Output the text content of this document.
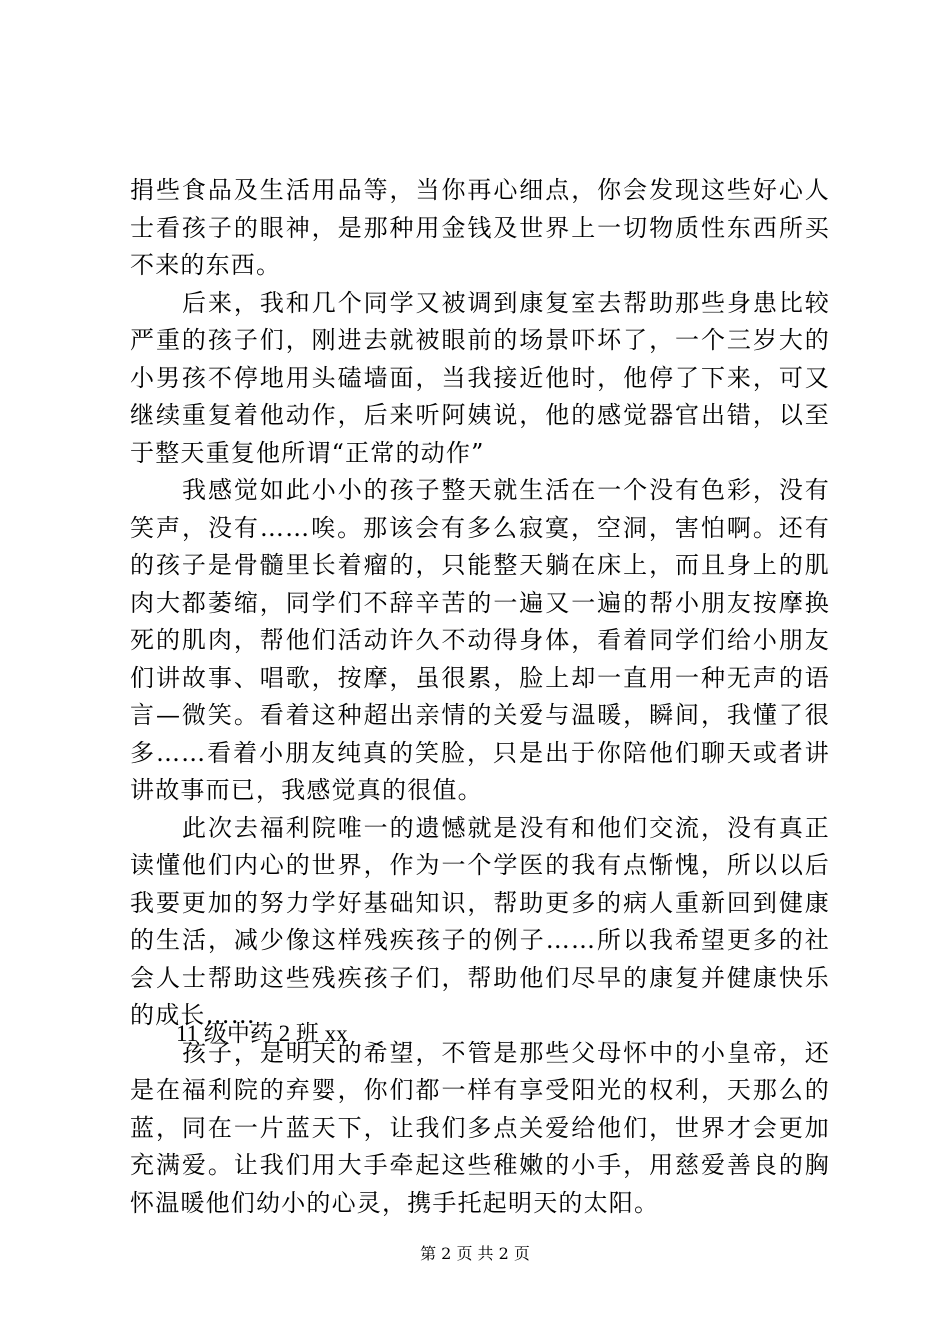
捐些食品及生活用品等，当你再心细点，你会发现这些好心人士看孩子的眼神，是那种用金钱及世界上一切物质性东西所买不来的东西。

后来，我和几个同学又被调到康复室去帮助那些身患比较严重的孩子们，刚进去就被眼前的场景吓坏了，一个三岁大的小男孩不停地用头磕墙面，当我接近他时，他停了下来，可又继续重复着他动作，后来听阿姨说，他的感觉器官出错，以至于整天重复他所谓“正常的动作”

我感觉如此小小的孩子整天就生活在一个没有色彩，没有笑声，没有……唉。那该会有多么寂寞，空洞，害怕啊。还有的孩子是骨髓里长着瘤的，只能整天躺在床上，而且身上的肌肉大都萎缩，同学们不辞辛苦的一遍又一遍的帮小朋友按摩换死的肌肉，帮他们活动许久不动得身体，看着同学们给小朋友们讲故事、唱歌，按摩，虽很累，脸上却一直用一种无声的语言—微笑。看着这种超出亲情的关爱与温暖，瞬间，我懂了很多……看着小朋友纯真的笑脸，只是出于你陪他们聊天或者讲讲故事而已，我感觉真的很值。

此次去福利院唯一的遗憾就是没有和他们交流，没有真正读懂他们内心的世界，作为一个学医的我有点惭愧，所以以后我要更加的努力学好基础知识，帮助更多的病人重新回到健康的生活，减少像这样残疾孩子的例子……所以我希望更多的社会人士帮助这些残疾孩子们，帮助他们尽早的康复并健康快乐的成长……

孩子，是明天的希望，不管是那些父母怀中的小皇帝，还是在福利院的弃婴，你们都一样有享受阳光的权利，天那么的蓝，同在一片蓝天下，让我们多点关爱给他们，世界才会更加充满爱。让我们用大手牵起这些稚嫩的小手，用慈爱善良的胸怀温暖他们幼小的心灵，携手托起明天的太阳。

11 级中药 2 班 xx
第 2 页 共 2 页
